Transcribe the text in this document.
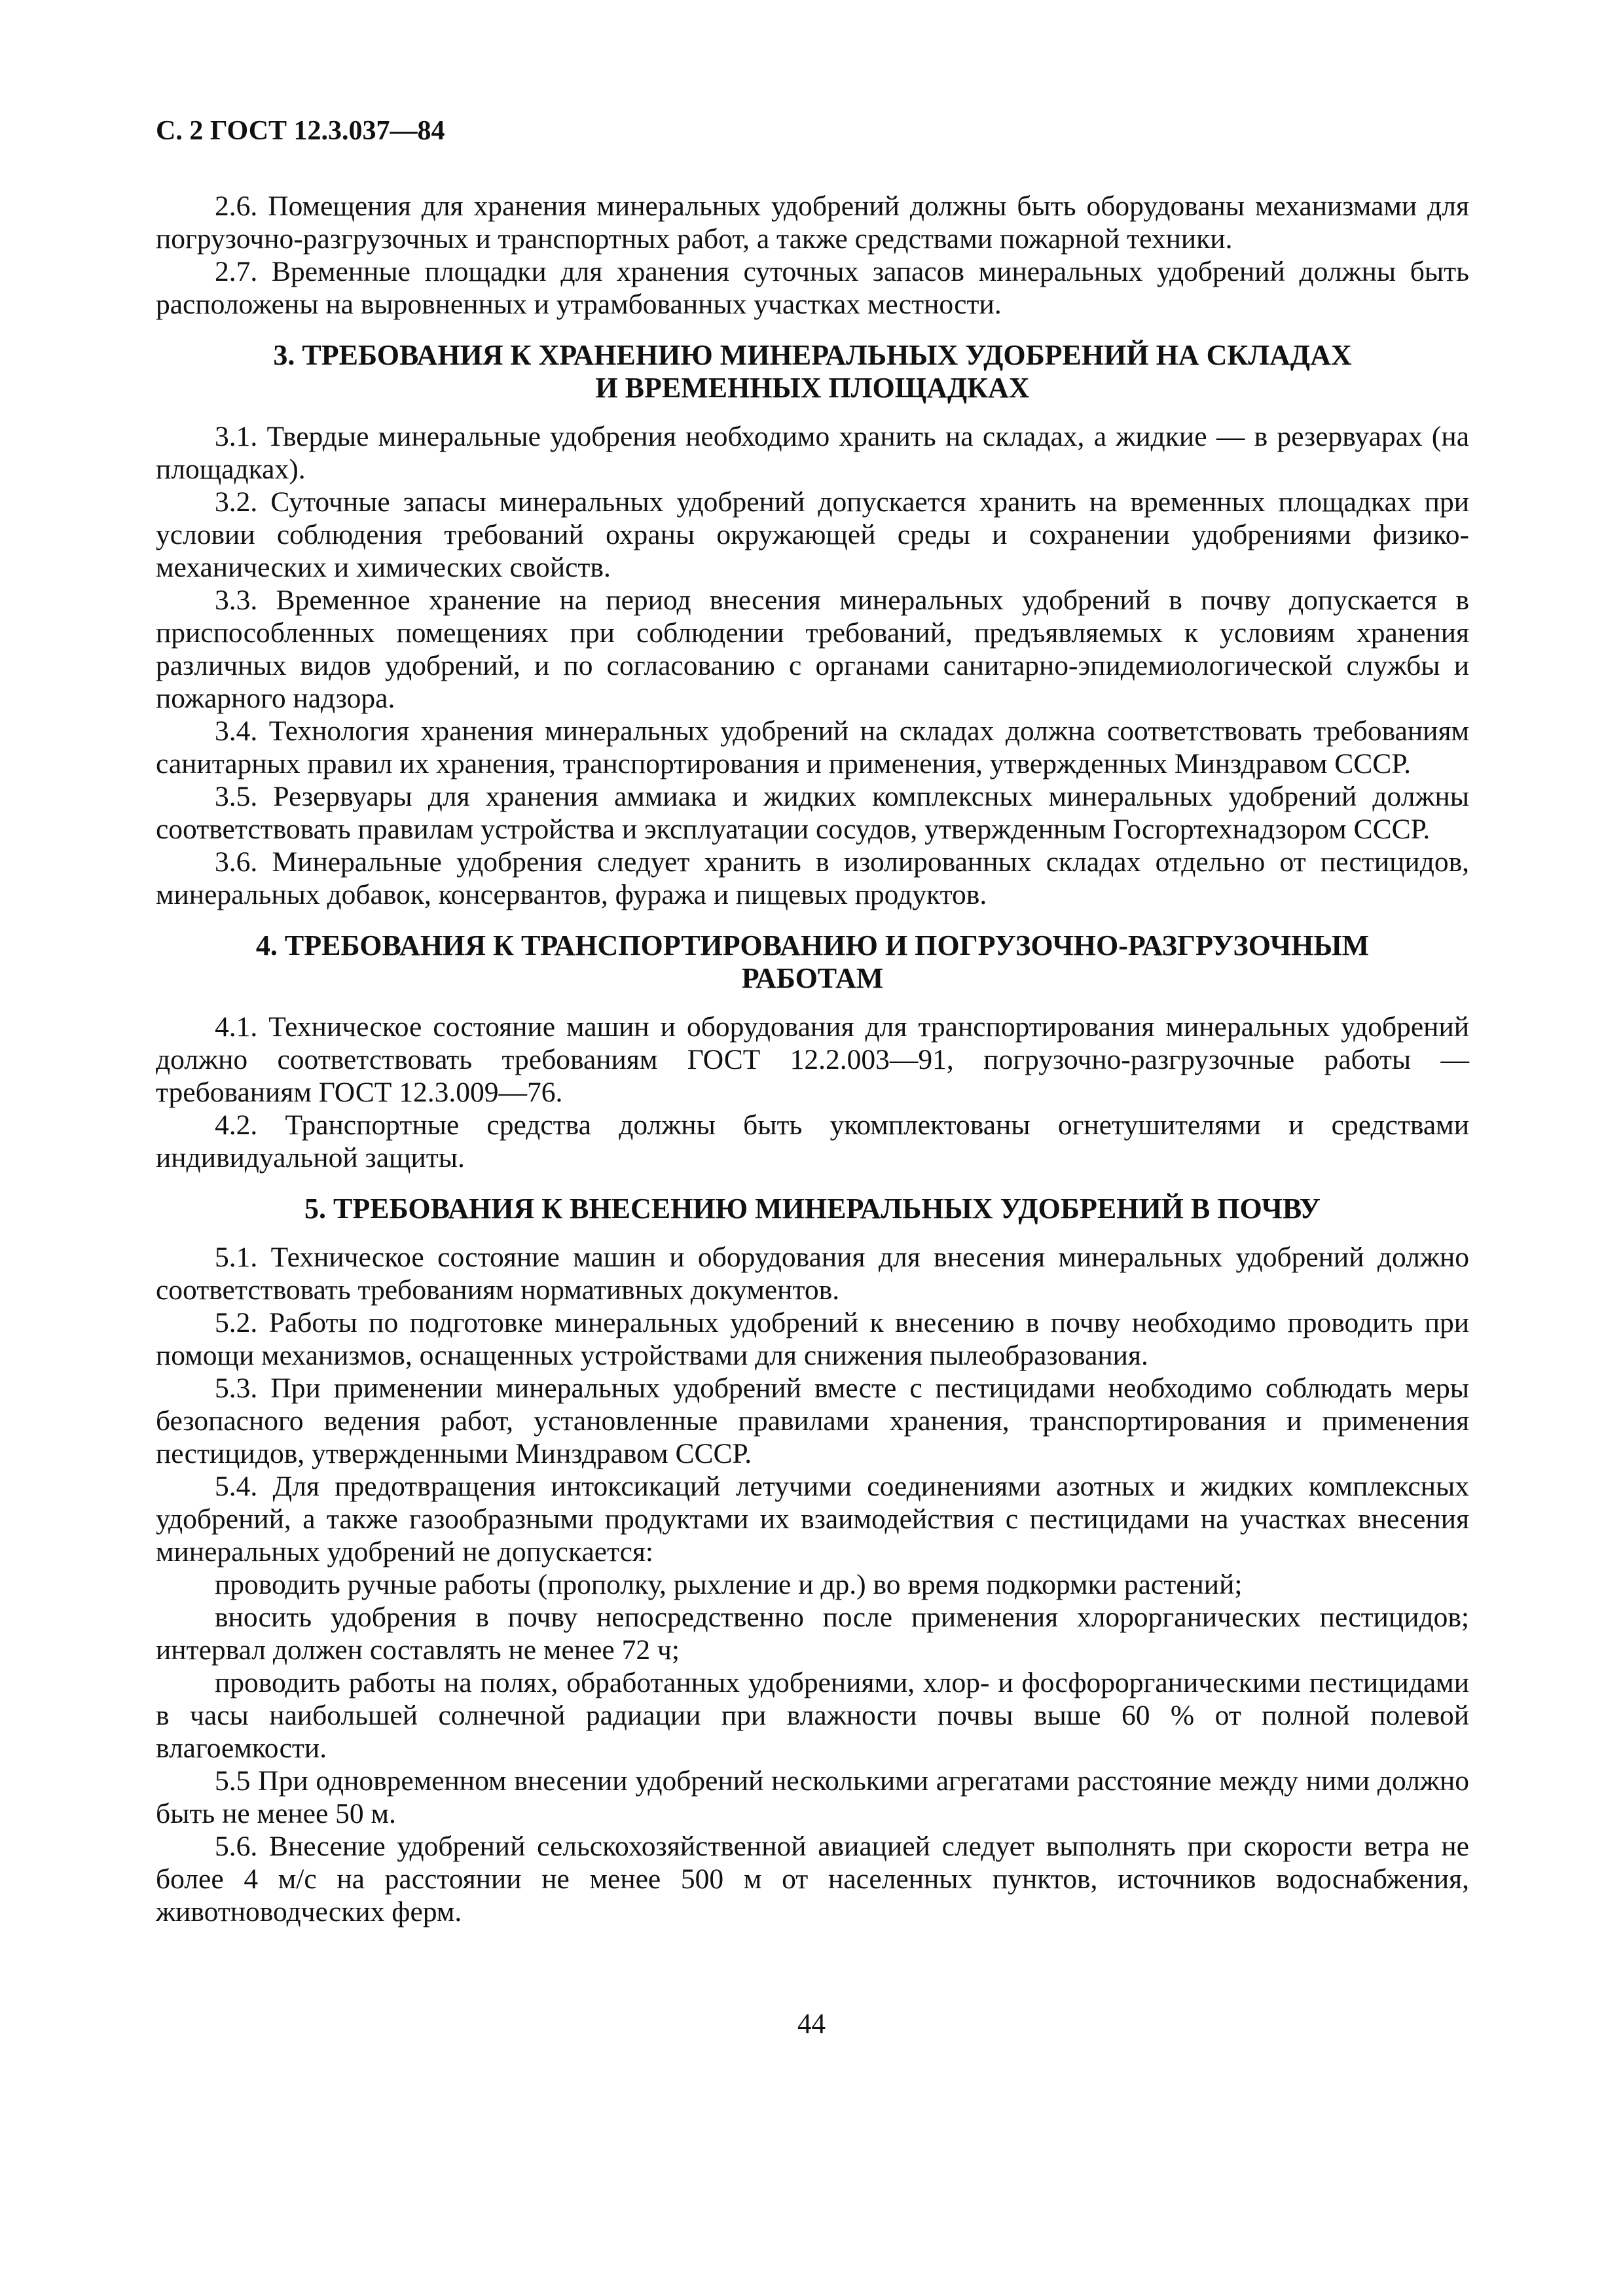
С. 2 ГОСТ 12.3.037—84

2.6. Помещения для хранения минеральных удобрений должны быть оборудованы механизмами для погрузочно-разгрузочных и транспортных работ, а также средствами пожарной техники.

2.7. Временные площадки для хранения суточных запасов минеральных удобрений должны быть расположены на выровненных и утрамбованных участках местности.

3. ТРЕБОВАНИЯ К ХРАНЕНИЮ МИНЕРАЛЬНЫХ УДОБРЕНИЙ НА СКЛАДАХ
И ВРЕМЕННЫХ ПЛОЩАДКАХ

3.1. Твердые минеральные удобрения необходимо хранить на складах, а жидкие — в резервуарах (на площадках).

3.2. Суточные запасы минеральных удобрений допускается хранить на временных площадках при условии соблюдения требований охраны окружающей среды и сохранении удобрениями физико-механических и химических свойств.

3.3. Временное хранение на период внесения минеральных удобрений в почву допускается в приспособленных помещениях при соблюдении требований, предъявляемых к условиям хранения различных видов удобрений, и по согласованию с органами санитарно-эпидемиологической службы и пожарного надзора.

3.4. Технология хранения минеральных удобрений на складах должна соответствовать требованиям санитарных правил их хранения, транспортирования и применения, утвержденных Минздравом СССР.

3.5. Резервуары для хранения аммиака и жидких комплексных минеральных удобрений должны соответствовать правилам устройства и эксплуатации сосудов, утвержденным Госгортехнадзором СССР.

3.6. Минеральные удобрения следует хранить в изолированных складах отдельно от пестицидов, минеральных добавок, консервантов, фуража и пищевых продуктов.

4. ТРЕБОВАНИЯ К ТРАНСПОРТИРОВАНИЮ И ПОГРУЗОЧНО-РАЗГРУЗОЧНЫМ
РАБОТАМ

4.1. Техническое состояние машин и оборудования для транспортирования минеральных удобрений должно соответствовать требованиям ГОСТ 12.2.003—91, погрузочно-разгрузочные работы — требованиям ГОСТ 12.3.009—76.

4.2. Транспортные средства должны быть укомплектованы огнетушителями и средствами индивидуальной защиты.

5. ТРЕБОВАНИЯ К ВНЕСЕНИЮ МИНЕРАЛЬНЫХ УДОБРЕНИЙ В ПОЧВУ

5.1. Техническое состояние машин и оборудования для внесения минеральных удобрений должно соответствовать требованиям нормативных документов.

5.2. Работы по подготовке минеральных удобрений к внесению в почву необходимо проводить при помощи механизмов, оснащенных устройствами для снижения пылеобразования.

5.3. При применении минеральных удобрений вместе с пестицидами необходимо соблюдать меры безопасного ведения работ, установленные правилами хранения, транспортирования и применения пестицидов, утвержденными Минздравом СССР.

5.4. Для предотвращения интоксикаций летучими соединениями азотных и жидких комплексных удобрений, а также газообразными продуктами их взаимодействия с пестицидами на участках внесения минеральных удобрений не допускается:

проводить ручные работы (прополку, рыхление и др.) во время подкормки растений;

вносить удобрения в почву непосредственно после применения хлорорганических пестицидов; интервал должен составлять не менее 72 ч;

проводить работы на полях, обработанных удобрениями, хлор- и фосфорорганическими пестицидами в часы наибольшей солнечной радиации при влажности почвы выше 60 % от полной полевой влагоемкости.

5.5 При одновременном внесении удобрений несколькими агрегатами расстояние между ними должно быть не менее 50 м.

5.6. Внесение удобрений сельскохозяйственной авиацией следует выполнять при скорости ветра не более 4 м/с на расстоянии не менее 500 м от населенных пунктов, источников водоснабжения, животноводческих ферм.

44
